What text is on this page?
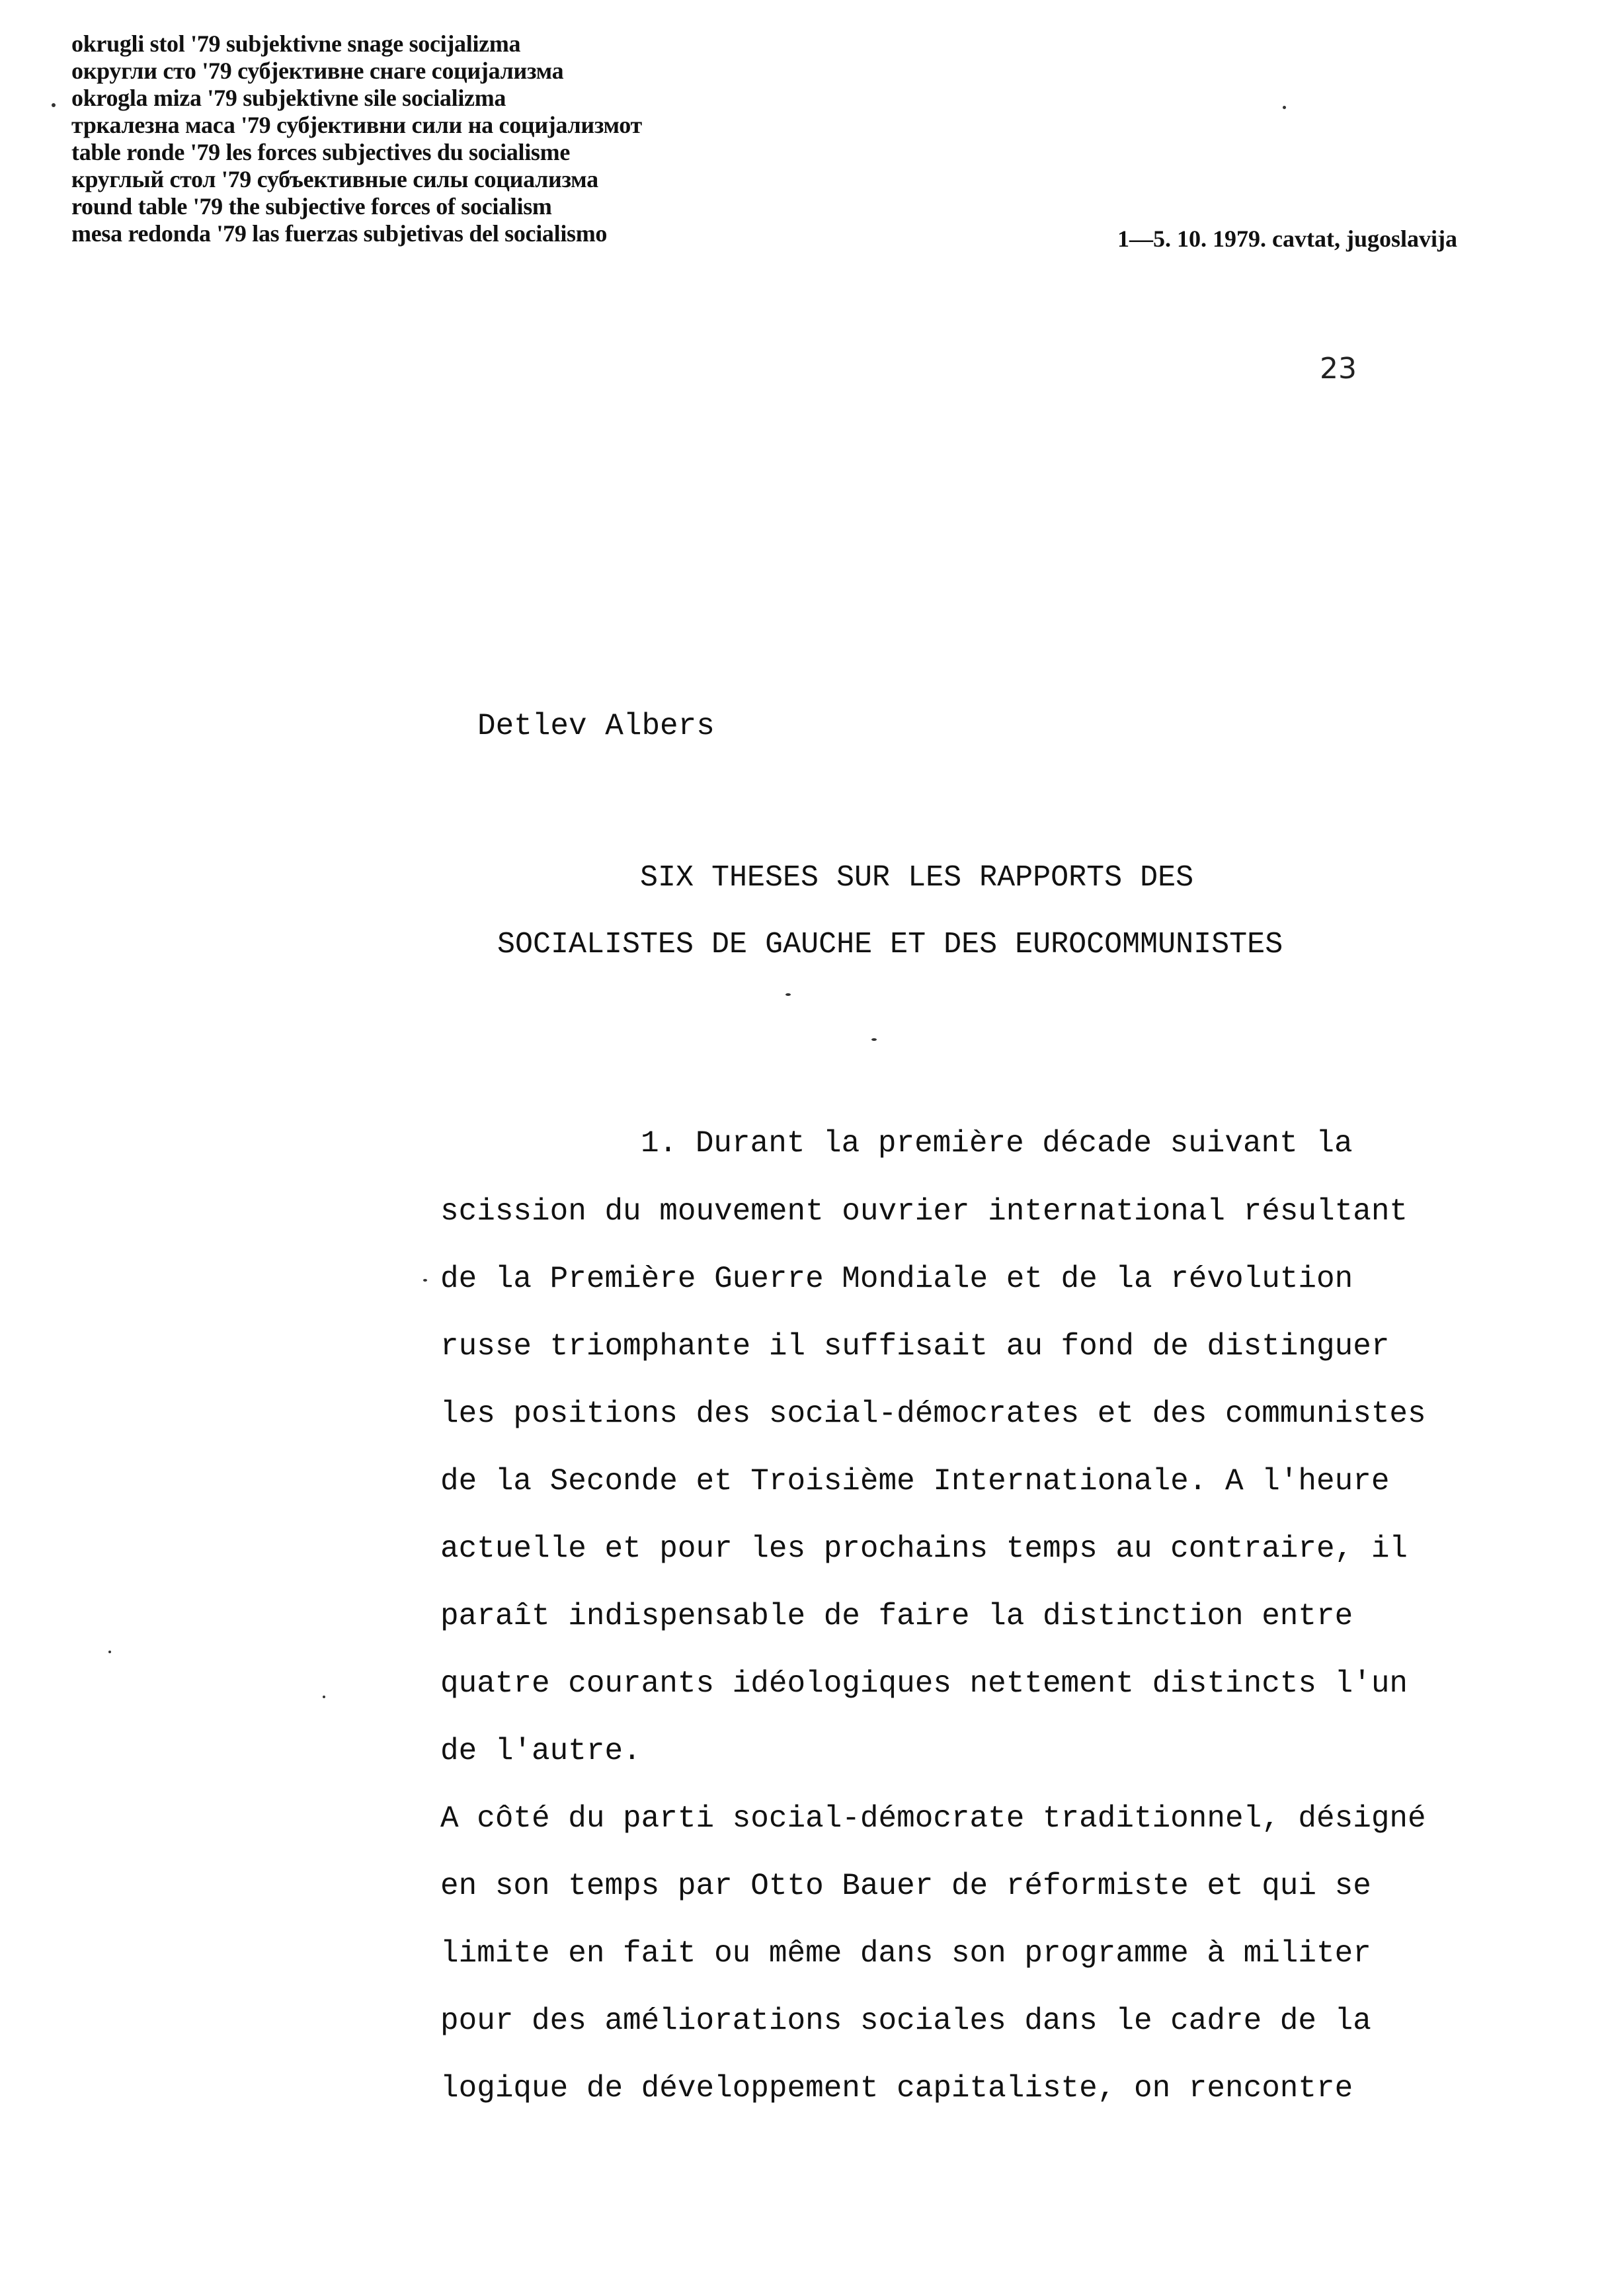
okrugli stol '79 subjektivne snage socijalizma
округли сто '79 субјективне снаге социјализма
okrogla miza '79 subjektivne sile socializma
тркалезна маса '79 субјективни сили на социјализмот
table ronde '79 les forces subjectives du socialisme
круглый стол '79 субъективные силы социализма
round table '79 the subjective forces of socialism
mesa redonda '79 las fuerzas subjetivas del socialismo	1—5. 10. 1979. cavtat, jugoslavija
23
Detlev Albers
SIX THESES SUR LES RAPPORTS DES
SOCIALISTES DE GAUCHE ET DES EUROCOMMUNISTES
1. Durant la première décade suivant la
scission du mouvement ouvrier international résultant
de la Première Guerre Mondiale et de la révolution
russe triomphante il suffisait au fond de distinguer
les positions des social-démocrates et des communistes
de la Seconde et Troisième Internationale. A l'heure
actuelle et pour les prochains temps au contraire, il
paraît indispensable de faire la distinction entre
quatre courants idéologiques nettement distincts l'un
de l'autre.
A côté du parti social-démocrate traditionnel, désigné
en son temps par Otto Bauer de réformiste et qui se
limite en fait ou même dans son programme à militer
pour des améliorations sociales dans le cadre de la
logique de développement capitaliste, on rencontre
